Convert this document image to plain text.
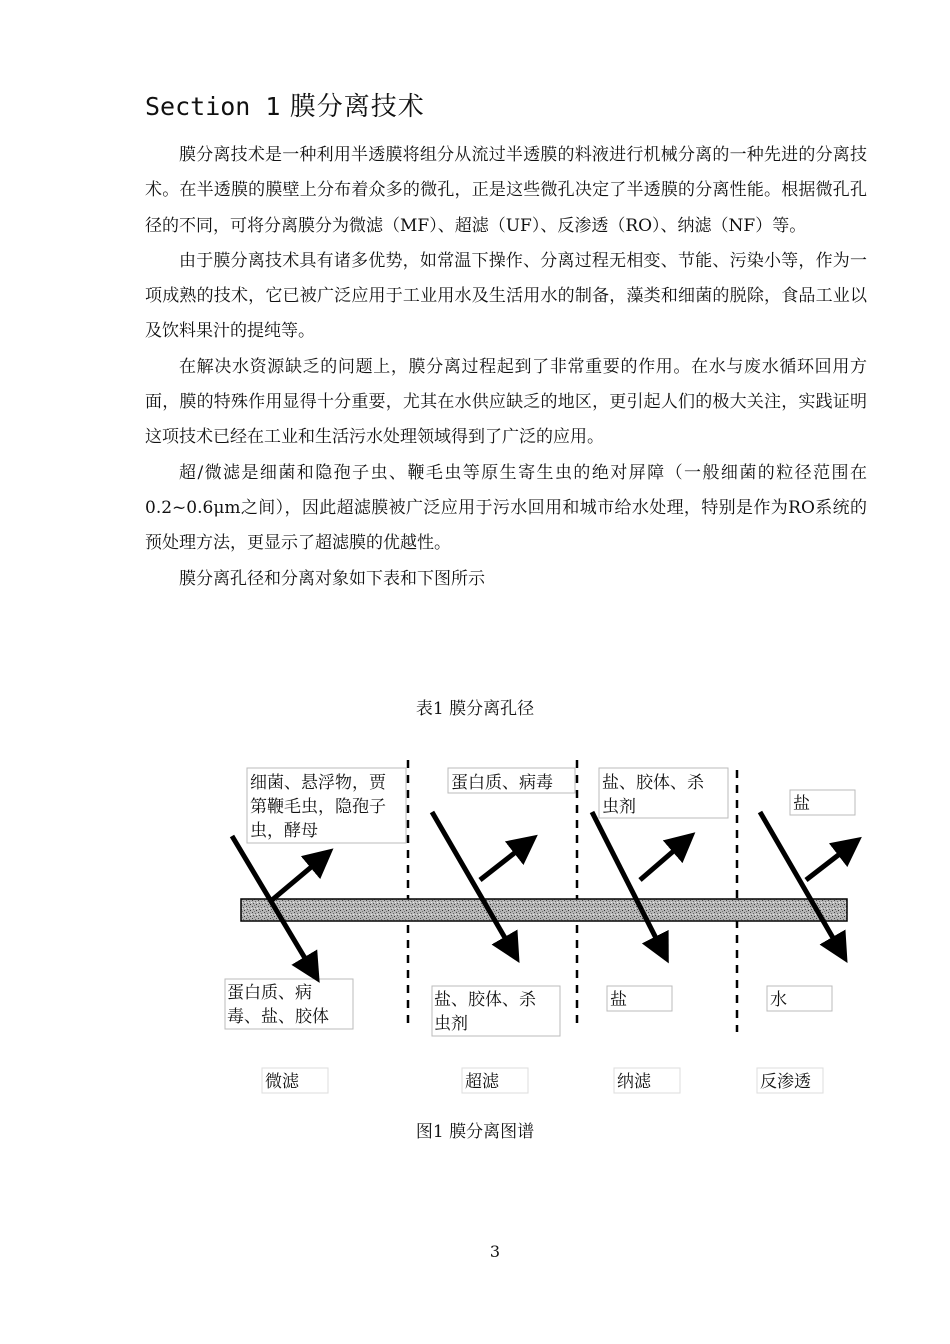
Section 1 膜分离技术

膜分离技术是一种利用半透膜将组分从流过半透膜的料液进行机械分离的一种先进的分离技术。在半透膜的膜壁上分布着众多的微孔，正是这些微孔决定了半透膜的分离性能。根据微孔孔径的不同，可将分离膜分为微滤（MF）、超滤（UF）、反渗透（RO）、纳滤（NF）等。

由于膜分离技术具有诸多优势，如常温下操作、分离过程无相变、节能、污染小等，作为一项成熟的技术，它已被广泛应用于工业用水及生活用水的制备，藻类和细菌的脱除，食品工业以及饮料果汁的提纯等。

在解决水资源缺乏的问题上，膜分离过程起到了非常重要的作用。在水与废水循环回用方面，膜的特殊作用显得十分重要，尤其在水供应缺乏的地区，更引起人们的极大关注，实践证明这项技术已经在工业和生活污水处理领域得到了广泛的应用。

超/微滤是细菌和隐孢子虫、鞭毛虫等原生寄生虫的绝对屏障（一般细菌的粒径范围在0.2~0.6μm之间），因此超滤膜被广泛应用于污水回用和城市给水处理，特别是作为RO系统的预处理方法，更显示了超滤膜的优越性。

膜分离孔径和分离对象如下表和下图所示

表1 膜分离孔径
细菌、悬浮物，贾
第鞭毛虫，隐孢子
虫，酵母
蛋白质、病毒	盐、胶体、杀
虫剂	盐
蛋白质、病
毒、盐、胶体
盐、胶体、杀
虫剂
盐	水
微滤	超滤	纳滤	反渗透
图1 膜分离图谱
3
